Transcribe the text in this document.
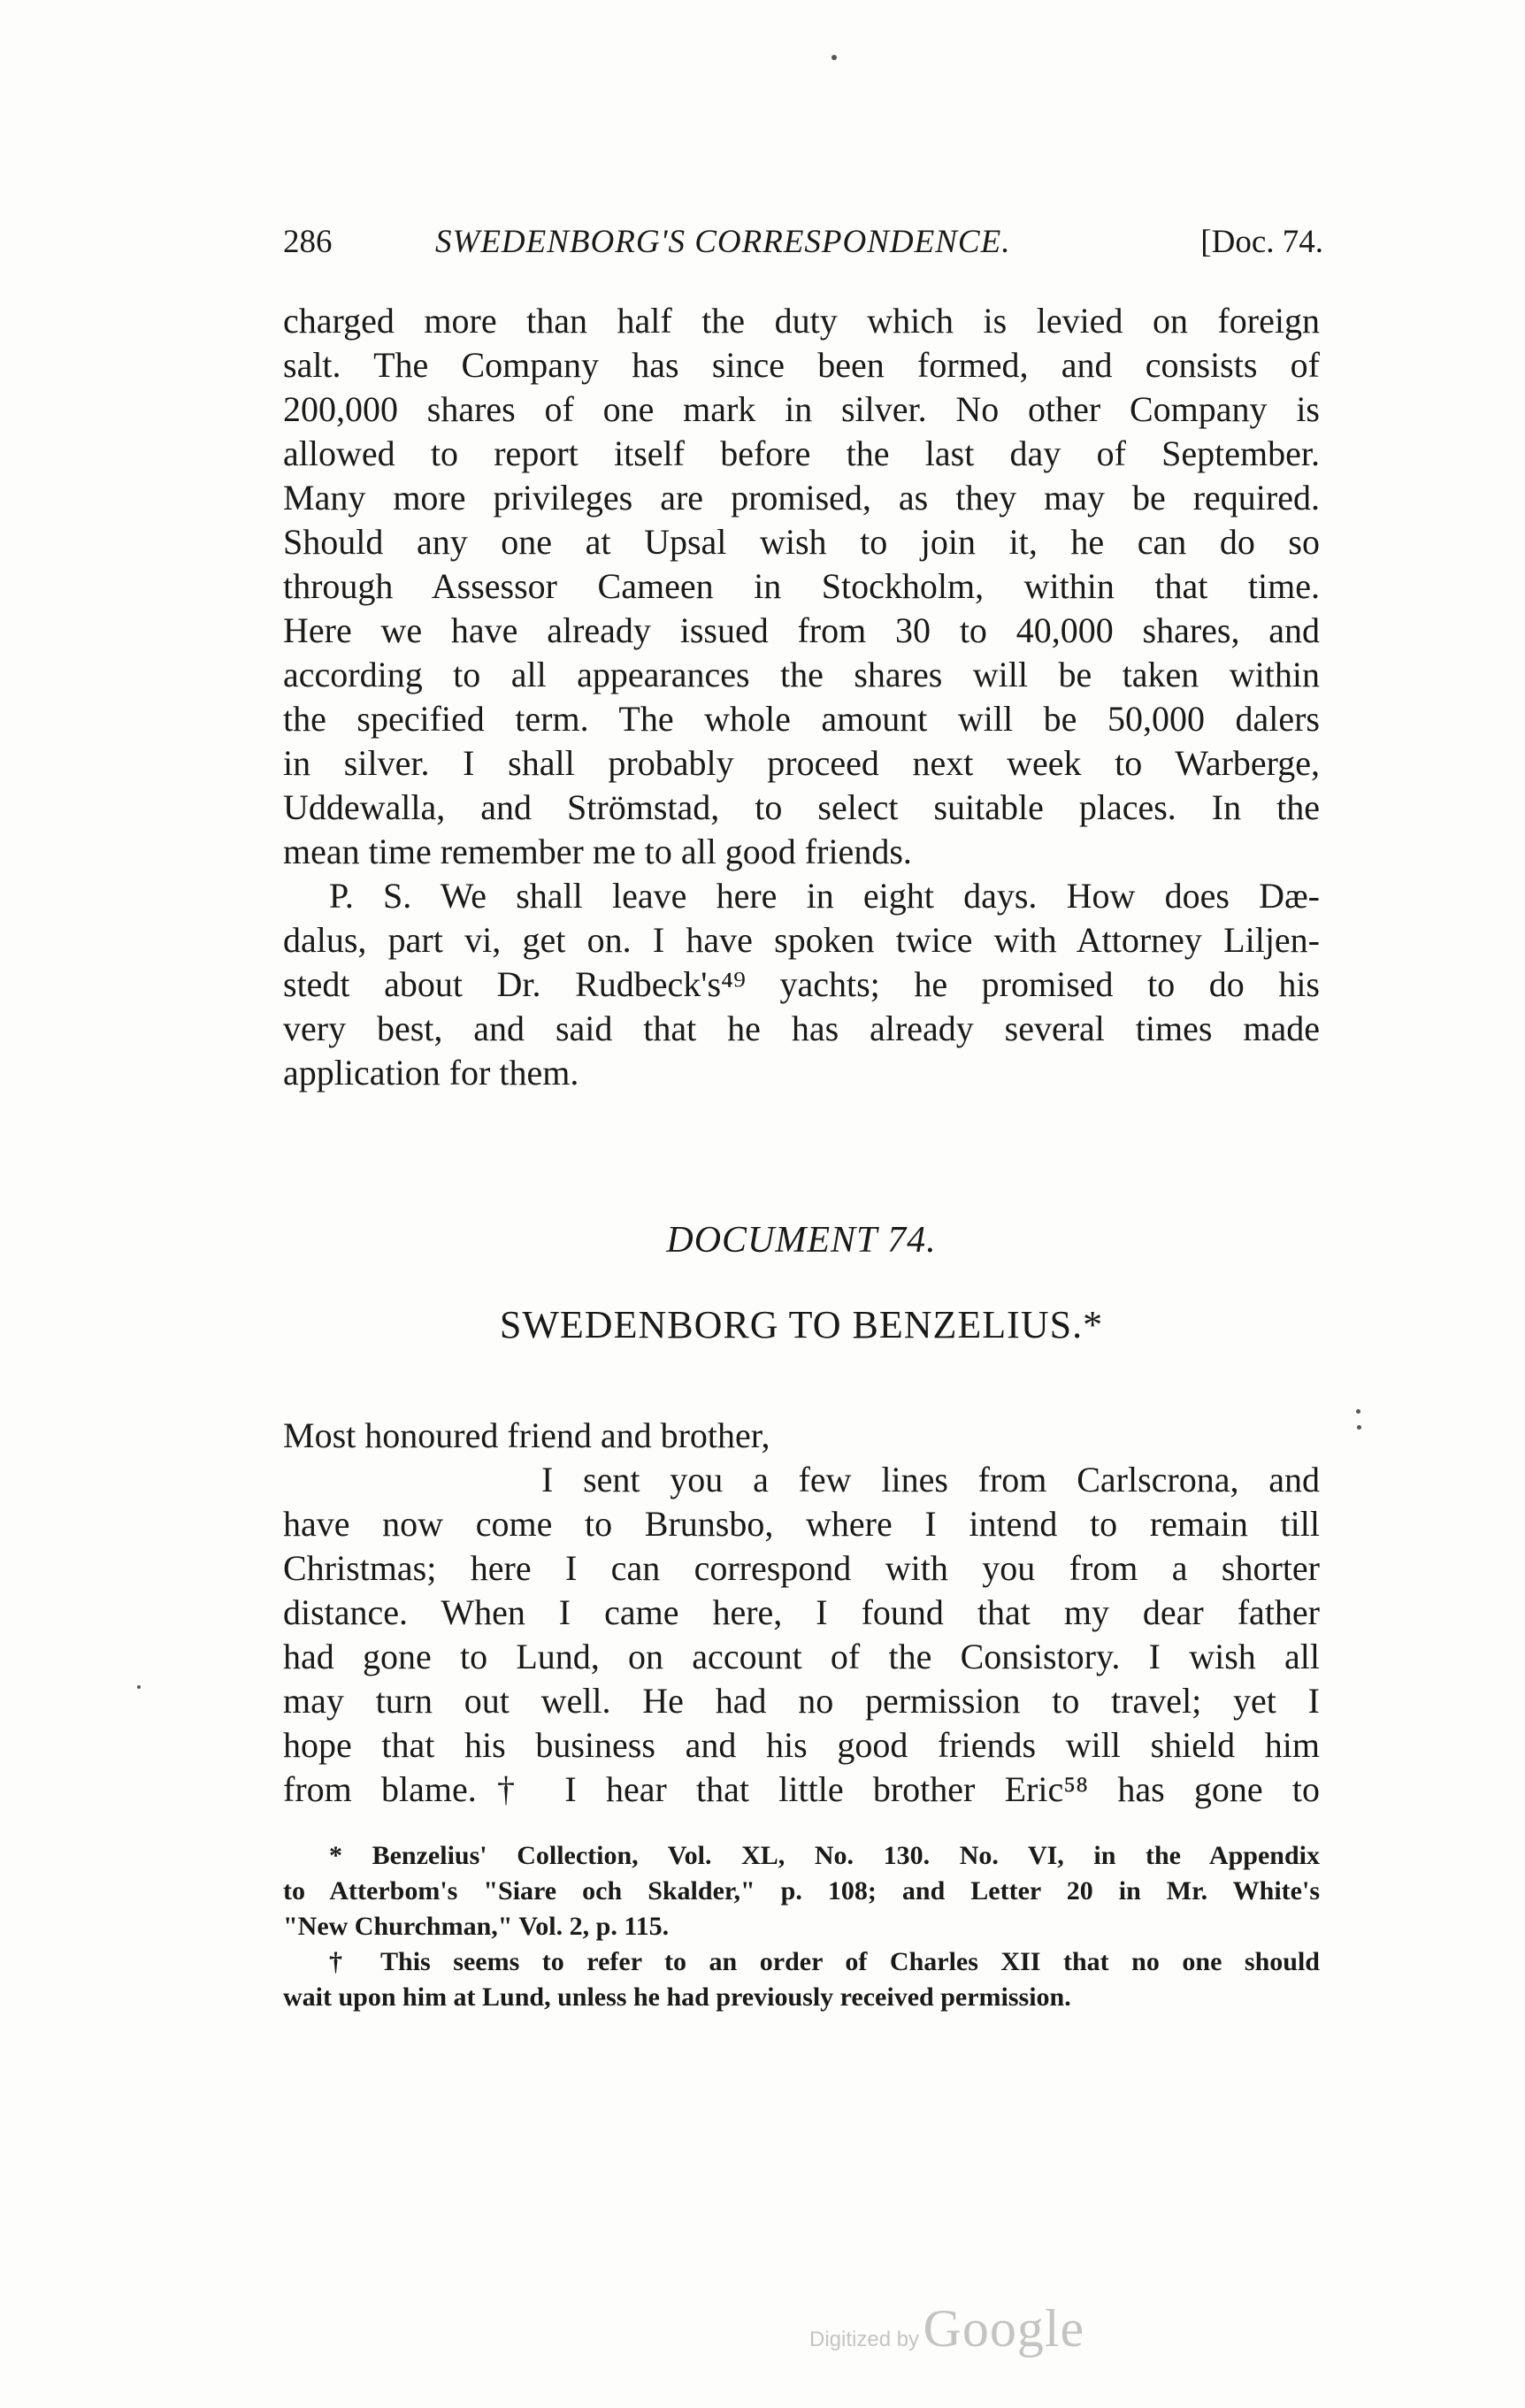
286	SWEDENBORG'S CORRESPONDENCE.	[Doc. 74.
charged more than half the duty which is levied on foreign
salt. The Company has since been formed, and consists of
200,000 shares of one mark in silver. No other Company is
allowed to report itself before the last day of September.
Many more privileges are promised, as they may be required.
Should any one at Upsal wish to join it, he can do so
through Assessor Cameen in Stockholm, within that time.
Here we have already issued from 30 to 40,000 shares, and
according to all appearances the shares will be taken within
the specified term. The whole amount will be 50,000 dalers
in silver. I shall probably proceed next week to Warberge,
Uddewalla, and Strömstad, to select suitable places. In the
mean time remember me to all good friends.
P. S. We shall leave here in eight days. How does Dæ-
dalus, part vi, get on. I have spoken twice with Attorney Liljen-
stedt about Dr. Rudbeck's⁴⁹ yachts; he promised to do his
very best, and said that he has already several times made
application for them.
DOCUMENT 74.
SWEDENBORG TO BENZELIUS.*
Most honoured friend and brother,
I sent you a few lines from Carlscrona, and
have now come to Brunsbo, where I intend to remain till
Christmas; here I can correspond with you from a shorter
distance. When I came here, I found that my dear father
had gone to Lund, on account of the Consistory. I wish all
may turn out well. He had no permission to travel; yet I
hope that his business and his good friends will shield him
from blame.† I hear that little brother Eric⁵⁸ has gone to
* Benzelius' Collection, Vol. XL, No. 130. No. VI, in the Appendix
to Atterbom's "Siare och Skalder," p. 108; and Letter 20 in Mr. White's
"New Churchman," Vol. 2, p. 115.
† This seems to refer to an order of Charles XII that no one should
wait upon him at Lund, unless he had previously received permission.
Digitized by Google
